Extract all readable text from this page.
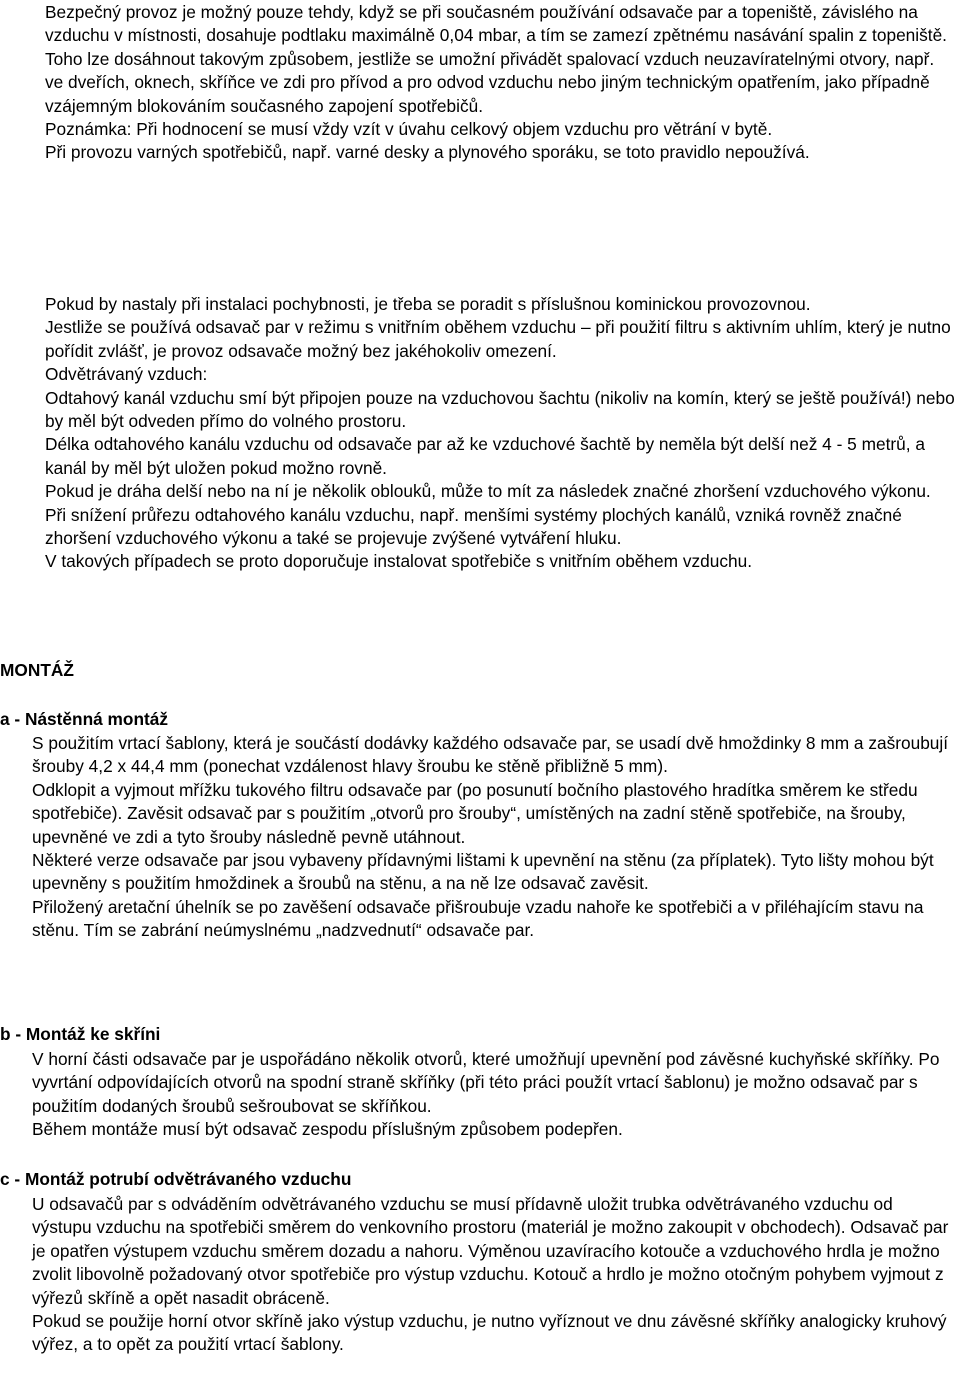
Bezpečný provoz je možný pouze tehdy, když se při současném používání odsavače par a topeniště, závislého na vzduchu v místnosti, dosahuje podtlaku maximálně 0,04 mbar, a tím se zamezí zpětnému nasávání spalin z topeniště.

Toho lze dosáhnout takovým způsobem, jestliže se umožní přivádět spalovací vzduch neuzavíratelnými otvory, např. ve dveřích, oknech, skříňce ve zdi pro přívod a pro odvod vzduchu nebo jiným technickým opatřením, jako případně vzájemným blokováním současného zapojení spotřebičů.

Poznámka: Při hodnocení se musí vždy vzít v úvahu celkový objem vzduchu pro větrání v bytě.

Při provozu varných spotřebičů, např. varné desky a plynového sporáku, se toto pravidlo nepoužívá.

Pokud by nastaly při instalaci pochybnosti, je třeba se poradit s příslušnou kominickou provozovnou.

Jestliže se používá odsavač par v režimu s vnitřním oběhem vzduchu – při použití filtru s aktivním uhlím, který je nutno pořídit zvlášť, je provoz odsavače možný bez jakéhokoliv omezení.

Odvětrávaný vzduch:

Odtahový kanál vzduchu smí být připojen pouze na vzduchovou šachtu (nikoliv na komín, který se ještě používá!) nebo by měl být odveden přímo do volného prostoru.

Délka odtahového kanálu vzduchu od odsavače par až ke vzduchové šachtě by neměla být delší než 4 - 5 metrů, a kanál by měl být uložen pokud možno rovně.

Pokud je dráha delší nebo na ní je několik oblouků, může to mít za následek značné zhoršení vzduchového výkonu.

Při snížení průřezu odtahového kanálu vzduchu, např. menšími systémy plochých kanálů, vzniká rovněž značné zhoršení vzduchového výkonu a také se projevuje zvýšené vytváření hluku.

V takových případech se proto doporučuje instalovat spotřebiče s vnitřním oběhem vzduchu.

MONTÁŽ
a - Nástěnná montáž

S použitím vrtací šablony, která je součástí dodávky každého odsavače par, se usadí dvě hmoždinky 8 mm a zašroubují šrouby 4,2 x 44,4 mm (ponechat vzdálenost hlavy šroubu ke stěně přibližně 5 mm).

Odklopit a vyjmout mřížku tukového filtru odsavače par (po posunutí bočního plastového hradítka směrem ke středu spotřebiče). Zavěsit odsavač par s použitím „otvorů pro šrouby“, umístěných na zadní stěně spotřebiče, na šrouby, upevněné ve zdi a tyto šrouby následně pevně utáhnout.

Některé verze odsavače par jsou vybaveny přídavnými lištami k upevnění na stěnu (za příplatek). Tyto lišty mohou být upevněny s použitím hmoždinek a šroubů na stěnu, a na ně lze odsavač zavěsit.

Přiložený aretační úhelník se po zavěšení odsavače přišroubuje vzadu nahoře ke spotřebiči a v přiléhajícím stavu na stěnu. Tím se zabrání neúmyslnému „nadzvednutí“ odsavače par.

b - Montáž ke skříni

V horní části odsavače par je uspořádáno několik otvorů, které umožňují upevnění pod závěsné kuchyňské skříňky. Po vyvrtání odpovídajících otvorů na spodní straně skříňky (při této práci použít vrtací šablonu) je možno odsavač par s použitím dodaných šroubů sešroubovat se skříňkou.

Během montáže musí být odsavač zespodu příslušným způsobem podepřen.

c - Montáž potrubí odvětrávaného vzduchu

U odsavačů par s odváděním odvětrávaného vzduchu se musí přídavně uložit trubka odvětrávaného vzduchu od výstupu vzduchu na spotřebiči směrem do venkovního prostoru (materiál je možno zakoupit v obchodech). Odsavač par je opatřen výstupem vzduchu směrem dozadu a nahoru. Výměnou uzavíracího kotouče a vzduchového hrdla je možno zvolit libovolně požadovaný otvor spotřebiče pro výstup vzduchu. Kotouč a hrdlo je možno otočným pohybem vyjmout z výřezů skříně a opět nasadit obráceně.

Pokud se použije horní otvor skříně jako výstup vzduchu, je nutno vyříznout ve dnu závěsné skříňky analogicky kruhový výřez, a to opět za použití vrtací šablony.
